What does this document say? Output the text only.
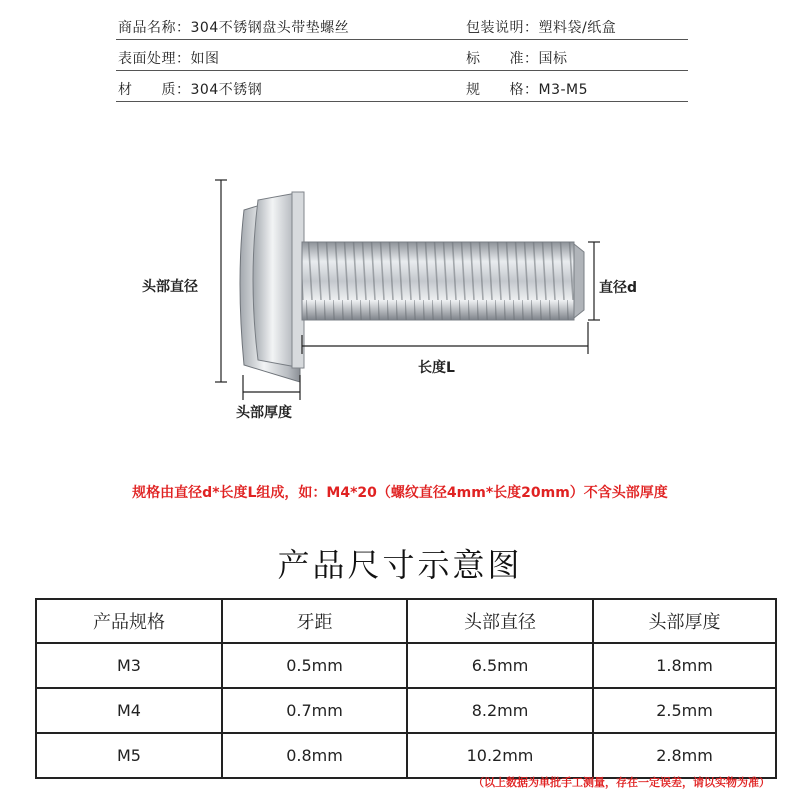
商品名称：304不锈钢盘头带垫螺丝	包装说明：塑料袋/纸盒
表面处理：如图	标　　准：国标
材　　质：304不锈钢	规　　格：M3-M5
头部直径	直径d
长度L
头部厚度
规格由直径d*长度L组成，如：M4*20（螺纹直径4mm*长度20mm）不含头部厚度
产品尺寸示意图
产品规格	牙距	头部直径	头部厚度
M3	0.5mm	6.5mm	1.8mm
M4	0.7mm	8.2mm	2.5mm
M5	0.8mm	10.2mm	2.8mm
（以上数据为单批手工测量，存在一定误差，请以实物为准）
